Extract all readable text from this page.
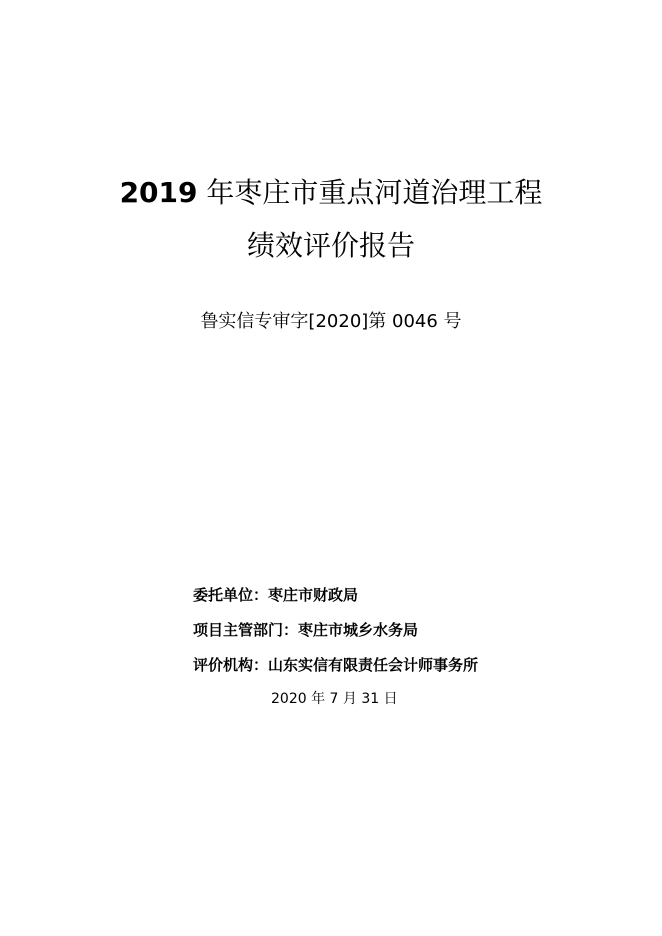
2019 年枣庄市重点河道治理工程
绩效评价报告
鲁实信专审字[2020]第 0046 号
委托单位：枣庄市财政局
项目主管部门：枣庄市城乡水务局
评价机构：山东实信有限责任会计师事务所
2020 年 7 月 31 日
